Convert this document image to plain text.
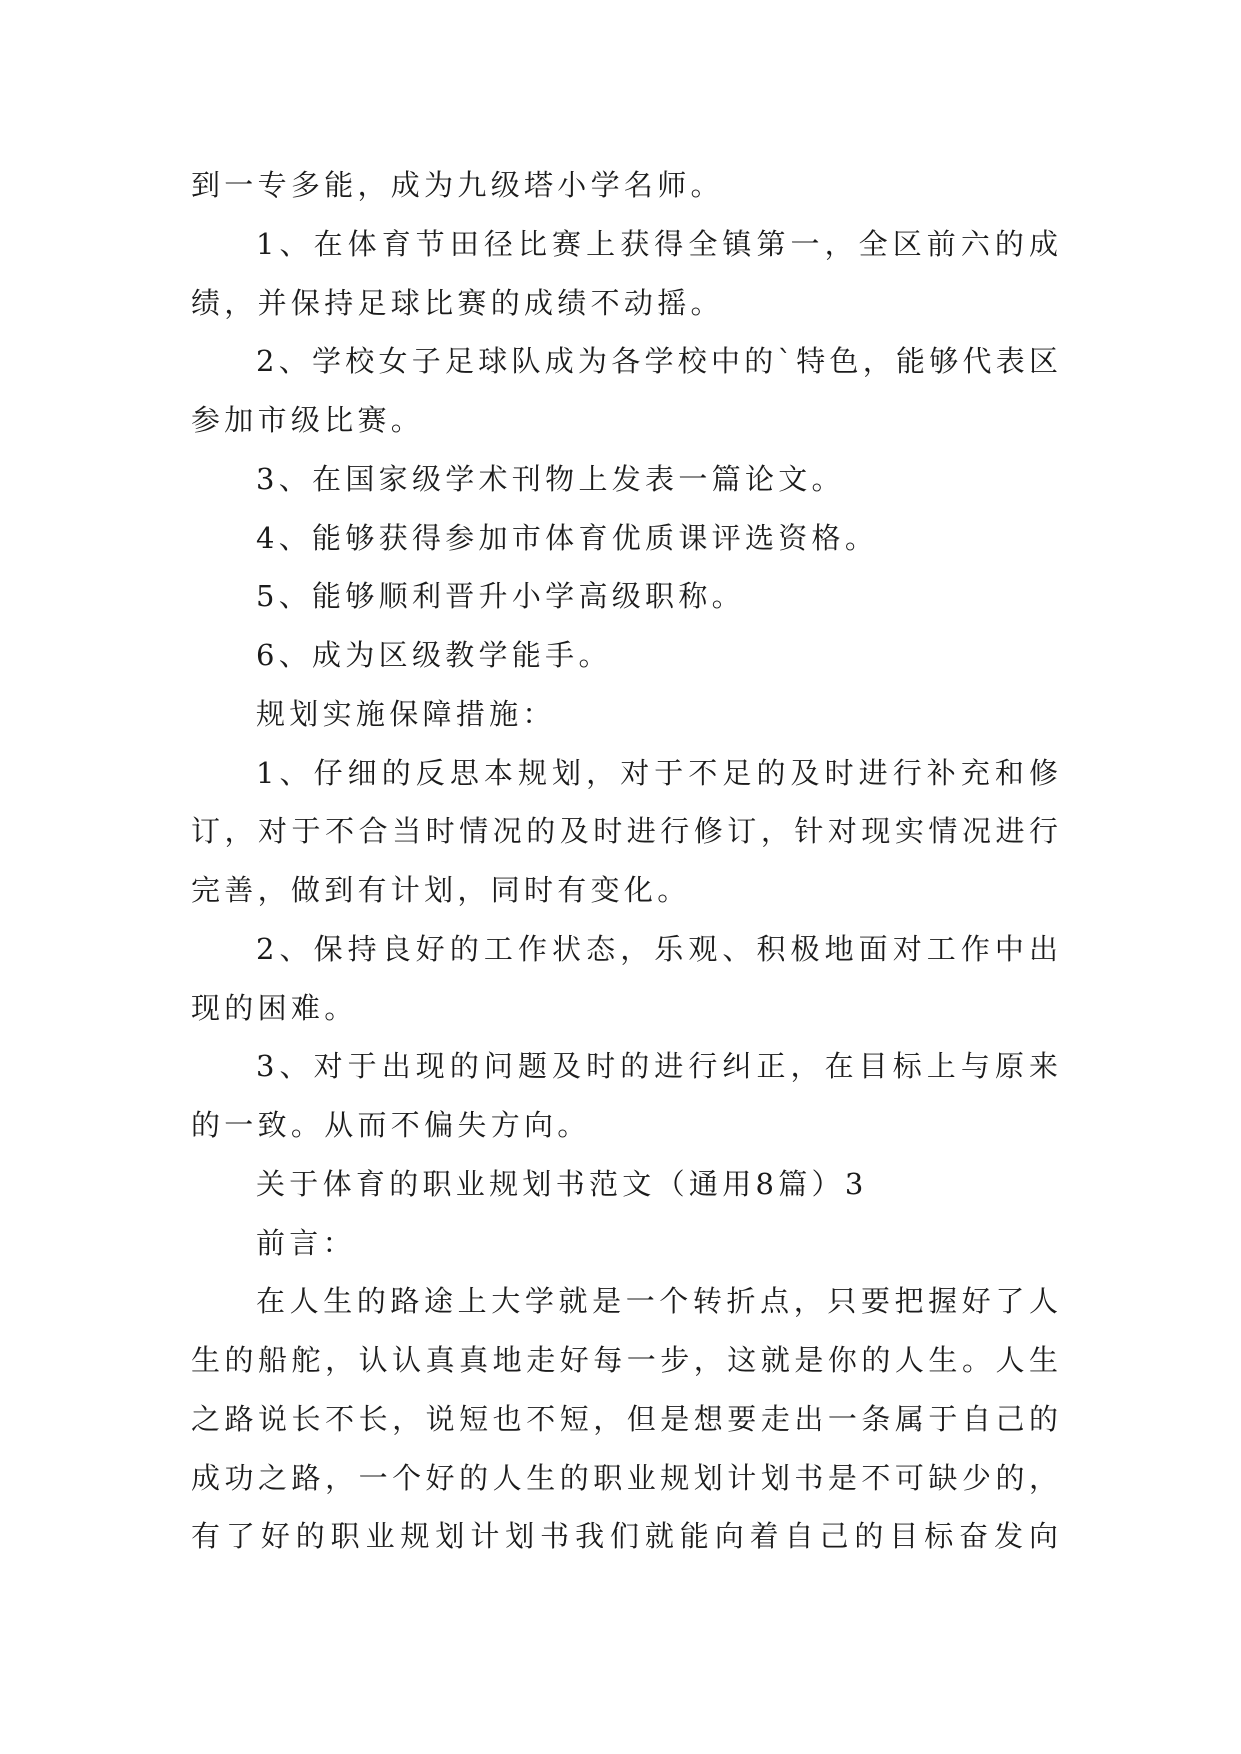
到一专多能，成为九级塔小学名师。
1、在体育节田径比赛上获得全镇第一，全区前六的成
绩，并保持足球比赛的成绩不动摇。
2、学校女子足球队成为各学校中的`特色，能够代表区
参加市级比赛。
3、在国家级学术刊物上发表一篇论文。
4、能够获得参加市体育优质课评选资格。
5、能够顺利晋升小学高级职称。
6、成为区级教学能手。
规划实施保障措施：
1、仔细的反思本规划，对于不足的及时进行补充和修
订，对于不合当时情况的及时进行修订，针对现实情况进行
完善，做到有计划，同时有变化。
2、保持良好的工作状态，乐观、积极地面对工作中出
现的困难。
3、对于出现的问题及时的进行纠正，在目标上与原来
的一致。从而不偏失方向。
关于体育的职业规划书范文（通用8篇）3
前言：
在人生的路途上大学就是一个转折点，只要把握好了人
生的船舵，认认真真地走好每一步，这就是你的人生。人生
之路说长不长，说短也不短，但是想要走出一条属于自己的
成功之路，一个好的人生的职业规划计划书是不可缺少的，
有了好的职业规划计划书我们就能向着自己的目标奋发向
